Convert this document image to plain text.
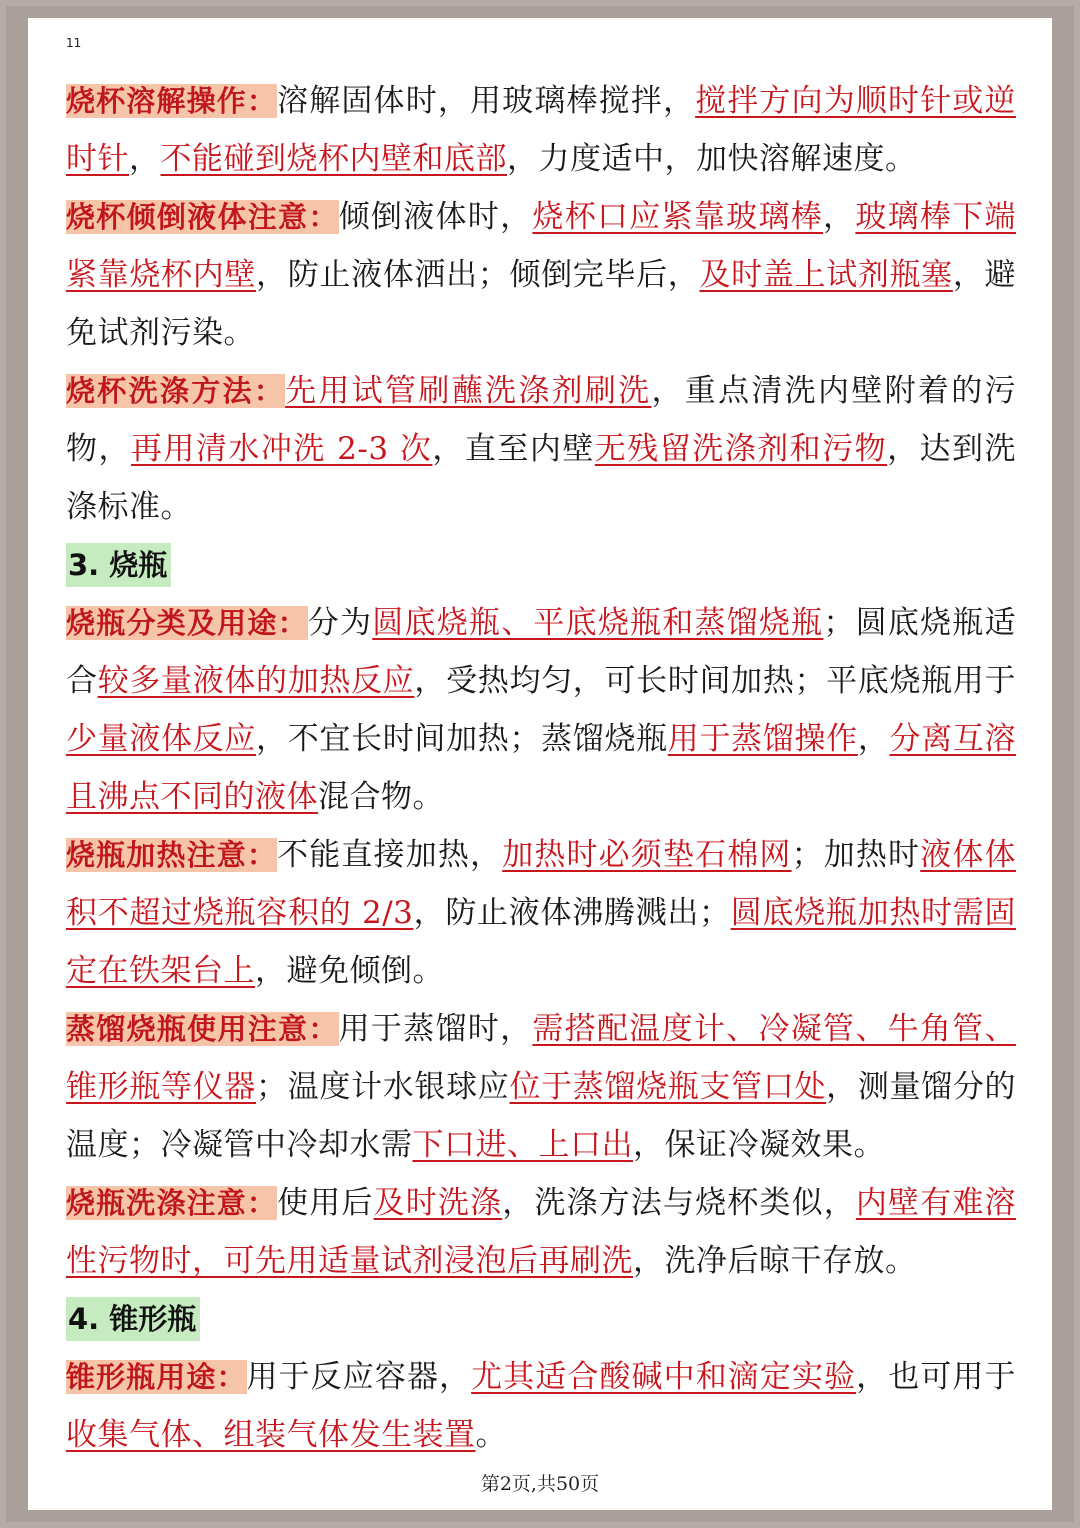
11

烧杯溶解操作：溶解固体时，用玻璃棒搅拌，搅拌方向为顺时针或逆时针，不能碰到烧杯内壁和底部，力度适中，加快溶解速度。

烧杯倾倒液体注意：倾倒液体时，烧杯口应紧靠玻璃棒，玻璃棒下端紧靠烧杯内壁，防止液体洒出；倾倒完毕后，及时盖上试剂瓶塞，避免试剂污染。

烧杯洗涤方法：先用试管刷蘸洗涤剂刷洗，重点清洗内壁附着的污物，再用清水冲洗 2-3 次，直至内壁无残留洗涤剂和污物，达到洗涤标准。

3. 烧瓶

烧瓶分类及用途：分为圆底烧瓶、平底烧瓶和蒸馏烧瓶；圆底烧瓶适合较多量液体的加热反应，受热均匀，可长时间加热；平底烧瓶用于少量液体反应，不宜长时间加热；蒸馏烧瓶用于蒸馏操作，分离互溶且沸点不同的液体混合物。

烧瓶加热注意：不能直接加热，加热时必须垫石棉网；加热时液体体积不超过烧瓶容积的 2/3，防止液体沸腾溅出；圆底烧瓶加热时需固定在铁架台上，避免倾倒。

蒸馏烧瓶使用注意：用于蒸馏时，需搭配温度计、冷凝管、牛角管、锥形瓶等仪器；温度计水银球应位于蒸馏烧瓶支管口处，测量馏分的温度；冷凝管中冷却水需下口进、上口出，保证冷凝效果。

烧瓶洗涤注意：使用后及时洗涤，洗涤方法与烧杯类似，内壁有难溶性污物时，可先用适量试剂浸泡后再刷洗，洗净后晾干存放。

4. 锥形瓶

锥形瓶用途：用于反应容器，尤其适合酸碱中和滴定实验，也可用于收集气体、组装气体发生装置。

第2页,共50页
